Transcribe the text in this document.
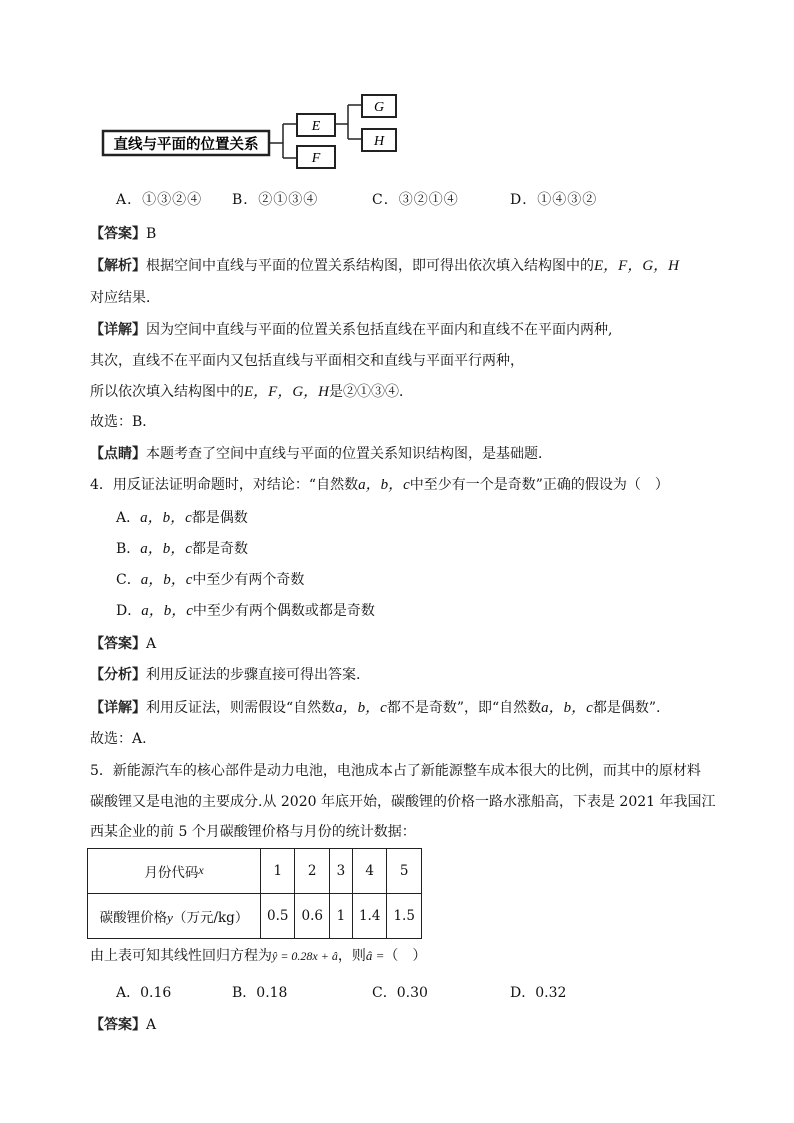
直线与平面的位置关系
E
F
G
H
A．①③②④ B．②①③④	C．③②①④	D．①④③②
【答案】B
【解析】根据空间中直线与平面的位置关系结构图，即可得出依次填入结构图中的E，F，G，H
对应结果．
【详解】因为空间中直线与平面的位置关系包括直线在平面内和直线不在平面内两种,
其次，直线不在平面内又包括直线与平面相交和直线与平面平行两种，
所以依次填入结构图中的E，F，G，H是②①③④．
故选：B．
【点睛】本题考查了空间中直线与平面的位置关系知识结构图，是基础题．
4．用反证法证明命题时，对结论：“自然数a，b，c中至少有一个是奇数”正确的假设为（　）
A．a，b，c都是偶数
B．a，b，c都是奇数
C．a，b，c中至少有两个奇数
D．a，b，c中至少有两个偶数或都是奇数
【答案】A
【分析】利用反证法的步骤直接可得出答案.
【详解】利用反证法，则需假设“自然数a，b，c都不是奇数”，即“自然数a，b，c都是偶数”.
故选：A.
5．新能源汽车的核心部件是动力电池，电池成本占了新能源整车成本很大的比例，而其中的原材料
碳酸锂又是电池的主要成分.从 2020 年底开始，碳酸锂的价格一路水涨船高，下表是 2021 年我国江
西某企业的前 5 个月碳酸锂价格与月份的统计数据：
月份代码x	1	2	3	4	5
碳酸锂价格y（万元/kg）	0.5	0.6	1	1.4	1.5
由上表可知其线性回归方程为ŷ = 0.28x + â，则â =（　）
A．0.16	B．0.18	C．0.30	D．0.32
【答案】A
